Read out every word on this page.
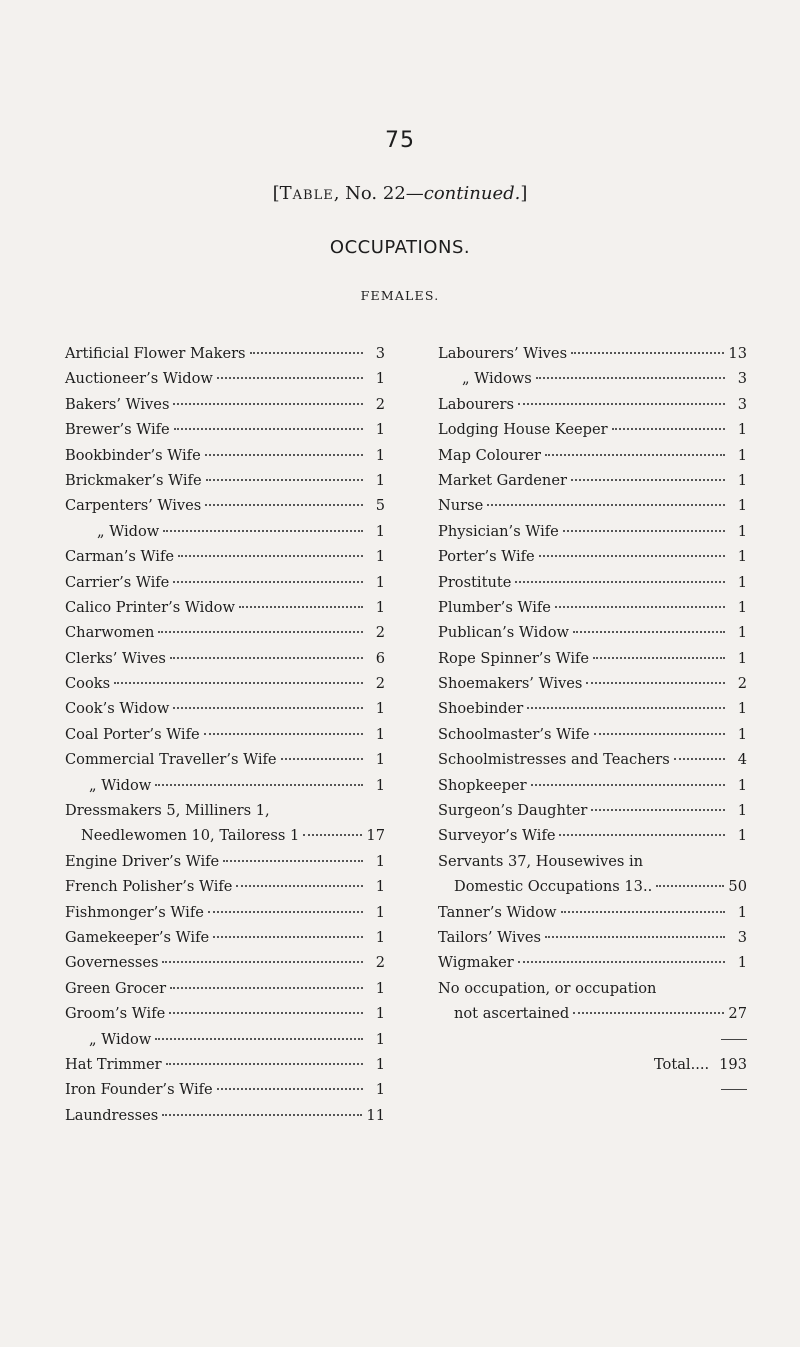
75
[Table, No. 22—continued.]
OCCUPATIONS.
FEMALES.
Artificial Flower Makers	3
Auctioneer’s Widow	1
Bakers’ Wives	2
Brewer’s Wife	1
Bookbinder’s Wife	1
Brickmaker’s Wife	1
Carpenters’ Wives	5
„ Widow	1
Carman’s Wife	1
Carrier’s Wife	1
Calico Printer’s Widow	1
Charwomen	2
Clerks’ Wives	6
Cooks	2
Cook’s Widow	1
Coal Porter’s Wife	1
Commercial Traveller’s Wife	1
„ Widow	1
Dressmakers 5, Milliners 1,
Needlewomen 10, Tailoress 1	17
Engine Driver’s Wife	1
French Polisher’s Wife	1
Fishmonger’s Wife	1
Gamekeeper’s Wife	1
Governesses	2
Green Grocer	1
Groom’s Wife	1
„ Widow	1
Hat Trimmer	1
Iron Founder’s Wife	1
Laundresses	11
Labourers’ Wives	13
„ Widows	3
Labourers	3
Lodging House Keeper	1
Map Colourer	1
Market Gardener	1
Nurse	1
Physician’s Wife	1
Porter’s Wife	1
Prostitute	1
Plumber’s Wife	1
Publican’s Widow	1
Rope Spinner’s Wife	1
Shoemakers’ Wives	2
Shoebinder	1
Schoolmaster’s Wife	1
Schoolmistresses and Teachers	4
Shopkeeper	1
Surgeon’s Daughter	1
Surveyor’s Wife	1
Servants 37, Housewives in
Domestic Occupations 13..	50
Tanner’s Widow	1
Tailors’ Wives	3
Wigmaker	1
No occupation, or occupation
not ascertained	27
Total.... 193
